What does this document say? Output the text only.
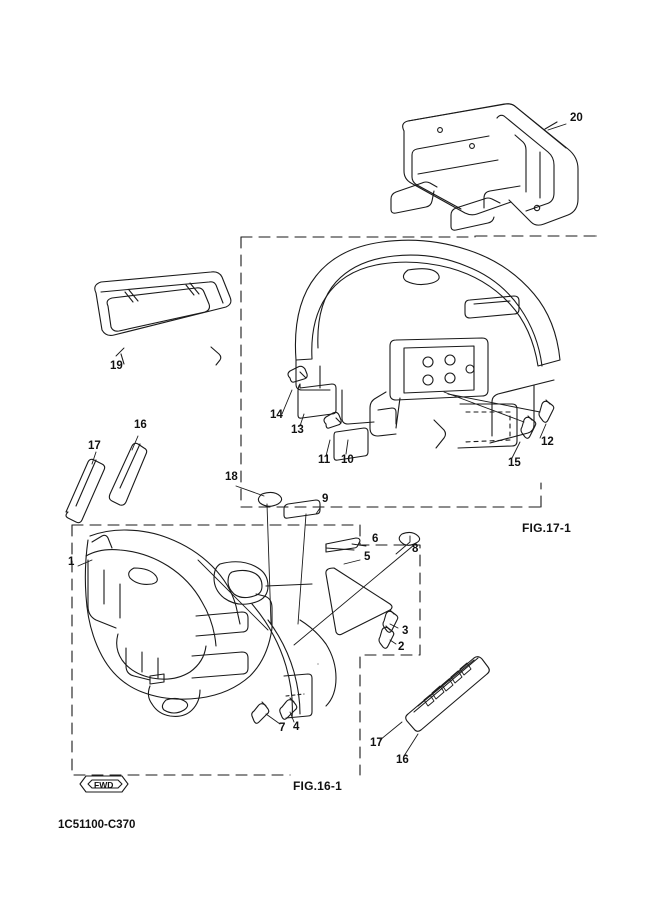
20
19
14
13
11 10
12
15
16
17
18
9
8
6
5
1
3
2
7 4
17
16
FIG.17-1
FIG.16-1
FWD
1C51100-C370
